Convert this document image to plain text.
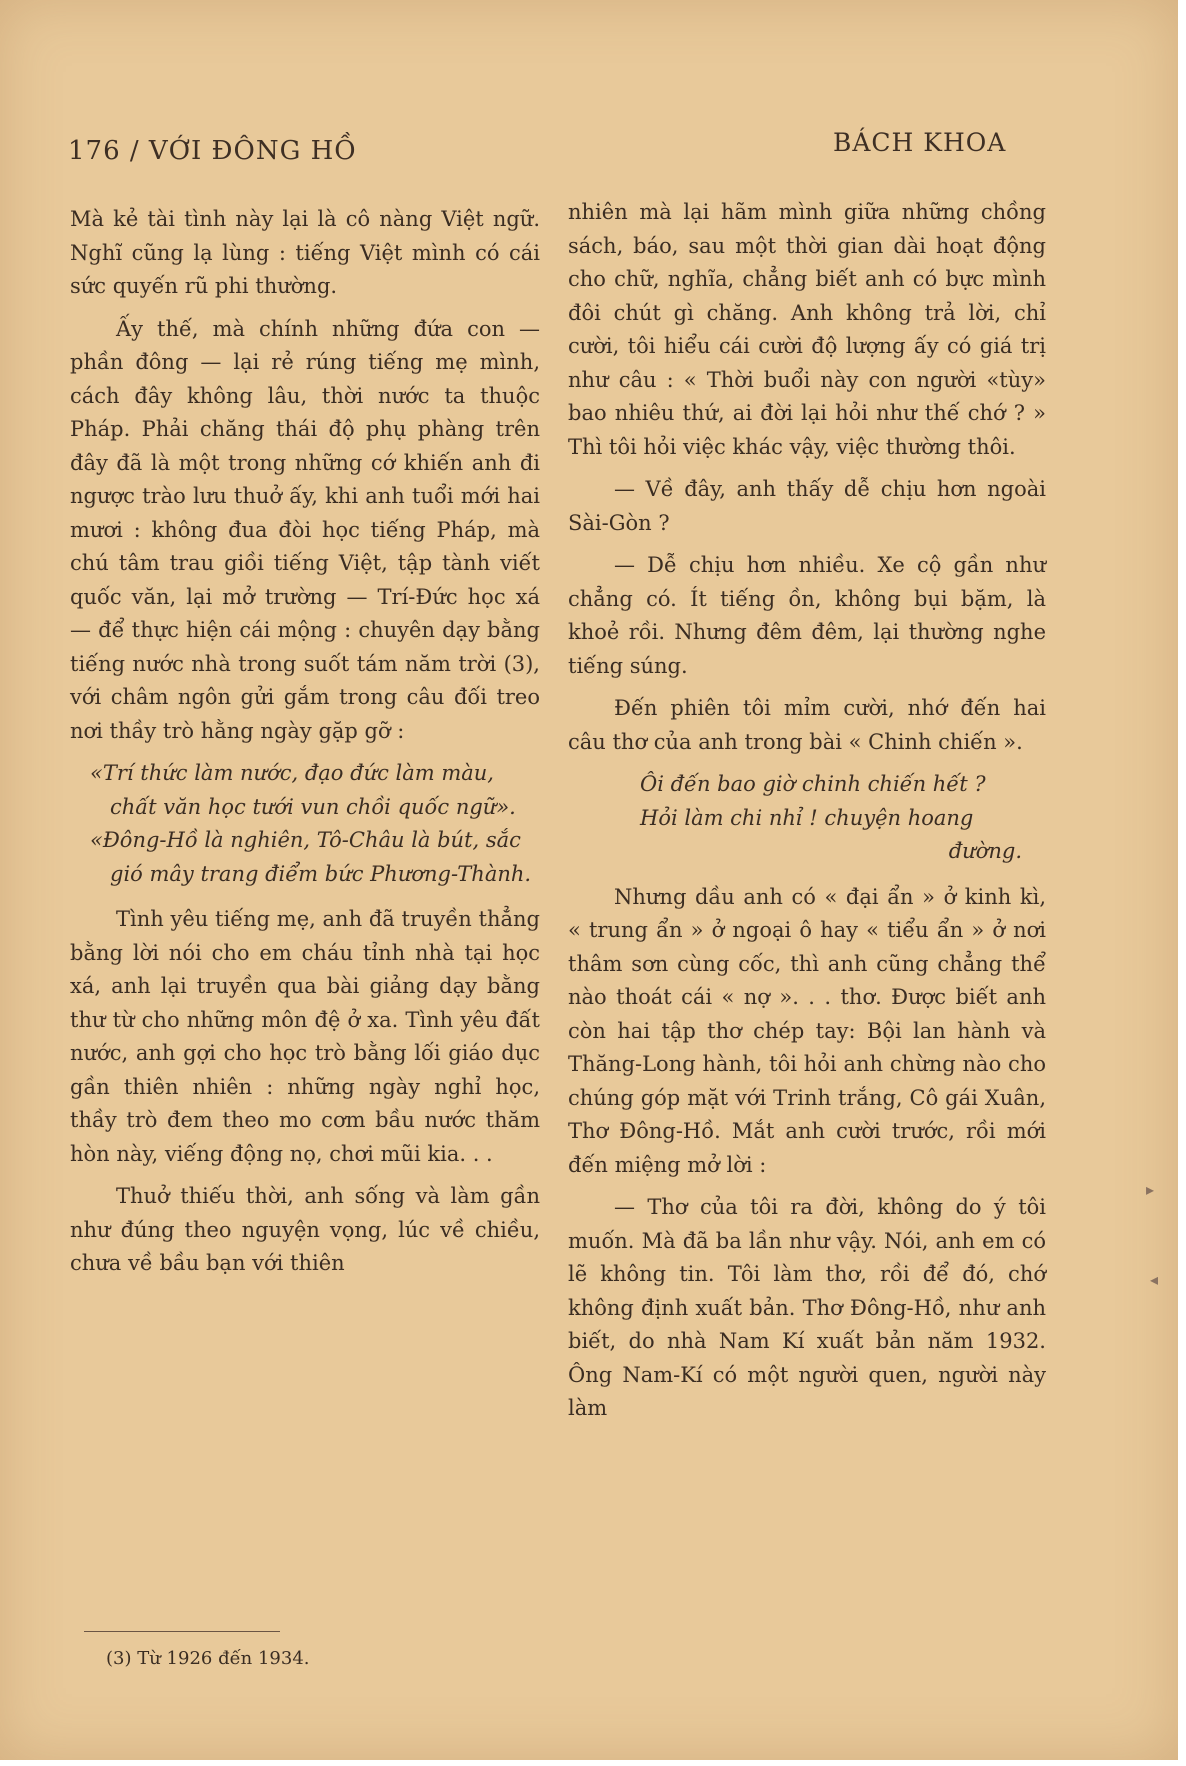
176 / VỚI ĐÔNG HỒ	BÁCH KHOA

Mà kẻ tài tình này lại là cô nàng Việt ngữ. Nghĩ cũng lạ lùng : tiếng Việt mình có cái sức quyến rũ phi thường.

Ấy thế, mà chính những đứa con — phần đông — lại rẻ rúng tiếng mẹ mình, cách đây không lâu, thời nước ta thuộc Pháp. Phải chăng thái độ phụ phàng trên đây đã là một trong những cớ khiến anh đi ngược trào lưu thuở ấy, khi anh tuổi mới hai mươi : không đua đòi học tiếng Pháp, mà chú tâm trau giồi tiếng Việt, tập tành viết quốc văn, lại mở trường — Trí-Đức học xá — để thực hiện cái mộng : chuyên dạy bằng tiếng nước nhà trong suốt tám năm trời (3), với châm ngôn gửi gắm trong câu đối treo nơi thầy trò hằng ngày gặp gỡ :

«Trí thức làm nước, đạo đức làm màu, chất văn học tưới vun chồi quốc ngữ».
«Đông-Hồ là nghiên, Tô-Châu là bút, sắc gió mây trang điểm bức Phương-Thành.

Tình yêu tiếng mẹ, anh đã truyền thẳng bằng lời nói cho em cháu tỉnh nhà tại học xá, anh lại truyền qua bài giảng dạy bằng thư từ cho những môn đệ ở xa. Tình yêu đất nước, anh gợi cho học trò bằng lối giáo dục gần thiên nhiên : những ngày nghỉ học, thầy trò đem theo mo cơm bầu nước thăm hòn này, viếng động nọ, chơi mũi kia. . .

Thuở thiếu thời, anh sống và làm gần như đúng theo nguyện vọng, lúc về chiều, chưa về bầu bạn với thiên

nhiên mà lại hãm mình giữa những chồng sách, báo, sau một thời gian dài hoạt động cho chữ, nghĩa, chẳng biết anh có bực mình đôi chút gì chăng. Anh không trả lời, chỉ cười, tôi hiểu cái cười độ lượng ấy có giá trị như câu : « Thời buổi này con người «tùy» bao nhiêu thứ, ai đời lại hỏi như thế chớ ? » Thì tôi hỏi việc khác vậy, việc thường thôi.

— Về đây, anh thấy dễ chịu hơn ngoài Sài-Gòn ?

— Dễ chịu hơn nhiều. Xe cộ gần như chẳng có. Ít tiếng ồn, không bụi bặm, là khoẻ rồi. Nhưng đêm đêm, lại thường nghe tiếng súng.

Đến phiên tôi mỉm cười, nhớ đến hai câu thơ của anh trong bài « Chinh chiến ».

Ôi đến bao giờ chinh chiến hết ?
Hỏi làm chi nhỉ ! chuyện hoang
đường.

Nhưng dầu anh có « đại ẩn » ở kinh kì, « trung ẩn » ở ngoại ô hay « tiểu ẩn » ở nơi thâm sơn cùng cốc, thì anh cũng chẳng thể nào thoát cái « nợ ». . . thơ. Được biết anh còn hai tập thơ chép tay: Bội lan hành và Thăng-Long hành, tôi hỏi anh chừng nào cho chúng góp mặt với Trinh trắng, Cô gái Xuân, Thơ Đông-Hồ. Mắt anh cười trước, rồi mới đến miệng mở lời :

— Thơ của tôi ra đời, không do ý tôi muốn. Mà đã ba lần như vậy. Nói, anh em có lẽ không tin. Tôi làm thơ, rồi để đó, chớ không định xuất bản. Thơ Đông-Hồ, như anh biết, do nhà Nam Kí xuất bản năm 1932. Ông Nam-Kí có một người quen, người này làm

(3) Từ 1926 đến 1934.
▸
◂
